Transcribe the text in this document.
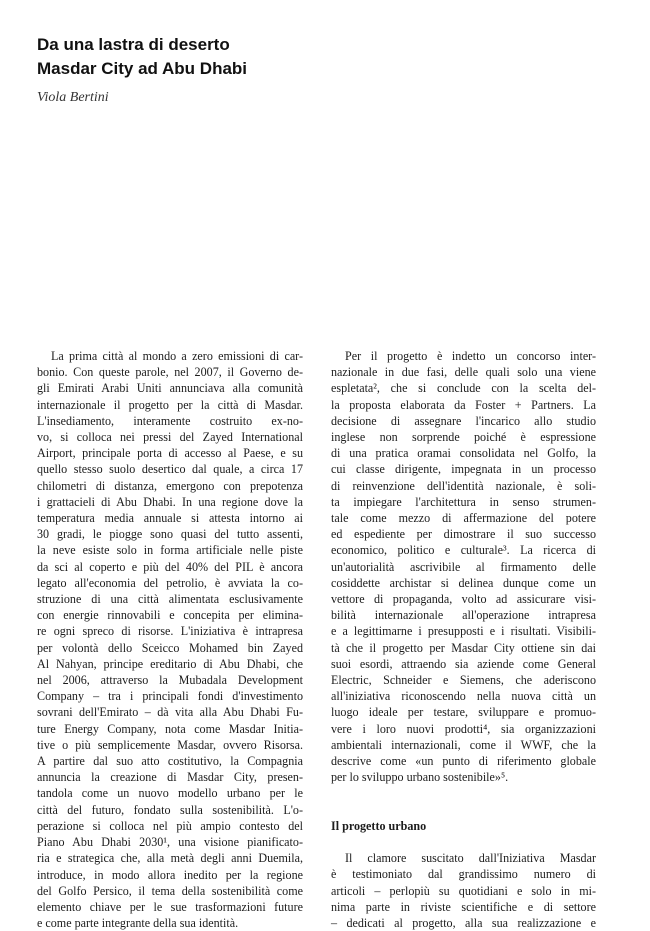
Da una lastra di deserto
Masdar City ad Abu Dhabi

Viola Bertini

La prima città al mondo a zero emissioni di car-
bonio. Con queste parole, nel 2007, il Governo de-
gli Emirati Arabi Uniti annunciava alla comunità
internazionale il progetto per la città di Masdar.
L'insediamento, interamente costruito ex-no-
vo, si colloca nei pressi del Zayed International
Airport, principale porta di accesso al Paese, e su
quello stesso suolo desertico dal quale, a circa 17
chilometri di distanza, emergono con prepotenza
i grattacieli di Abu Dhabi. In una regione dove la
temperatura media annuale si attesta intorno ai
30 gradi, le piogge sono quasi del tutto assenti,
la neve esiste solo in forma artificiale nelle piste
da sci al coperto e più del 40% del PIL è ancora
legato all'economia del petrolio, è avviata la co-
struzione di una città alimentata esclusivamente
con energie rinnovabili e concepita per elimina-
re ogni spreco di risorse. L'iniziativa è intrapresa
per volontà dello Sceicco Mohamed bin Zayed
Al Nahyan, principe ereditario di Abu Dhabi, che
nel 2006, attraverso la Mubadala Development
Company – tra i principali fondi d'investimento
sovrani dell'Emirato – dà vita alla Abu Dhabi Fu-
ture Energy Company, nota come Masdar Initia-
tive o più semplicemente Masdar, ovvero Risorsa.
A partire dal suo atto costitutivo, la Compagnia
annuncia la creazione di Masdar City, presen-
tandola come un nuovo modello urbano per le
città del futuro, fondato sulla sostenibilità. L'o-
perazione si colloca nel più ampio contesto del
Piano Abu Dhabi 2030¹, una visione pianificato-
ria e strategica che, alla metà degli anni Duemila,
introduce, in modo allora inedito per la regione
del Golfo Persico, il tema della sostenibilità come
elemento chiave per le sue trasformazioni future
e come parte integrante della sua identità.
Per il progetto è indetto un concorso inter-
nazionale in due fasi, delle quali solo una viene
espletata², che si conclude con la scelta del-
la proposta elaborata da Foster + Partners. La
decisione di assegnare l'incarico allo studio
inglese non sorprende poiché è espressione
di una pratica oramai consolidata nel Golfo, la
cui classe dirigente, impegnata in un processo
di reinvenzione dell'identità nazionale, è soli-
ta impiegare l'architettura in senso strumen-
tale come mezzo di affermazione del potere
ed espediente per dimostrare il suo successo
economico, politico e culturale³. La ricerca di
un'autorialità ascrivibile al firmamento delle
cosiddette archistar si delinea dunque come un
vettore di propaganda, volto ad assicurare visi-
bilità internazionale all'operazione intrapresa
e a legittimarne i presupposti e i risultati. Visibili-
tà che il progetto per Masdar City ottiene sin dai
suoi esordi, attraendo sia aziende come General
Electric, Schneider e Siemens, che aderiscono
all'iniziativa riconoscendo nella nuova città un
luogo ideale per testare, sviluppare e promuo-
vere i loro nuovi prodotti⁴, sia organizzazioni
ambientali internazionali, come il WWF, che la
descrive come «un punto di riferimento globale
per lo sviluppo urbano sostenibile»⁵.
Il progetto urbano
Il clamore suscitato dall'Iniziativa Masdar
è testimoniato dal grandissimo numero di
articoli – perlopiù su quotidiani e solo in mi-
nima parte in riviste scientifiche e di settore
– dedicati al progetto, alla sua realizzazione e
